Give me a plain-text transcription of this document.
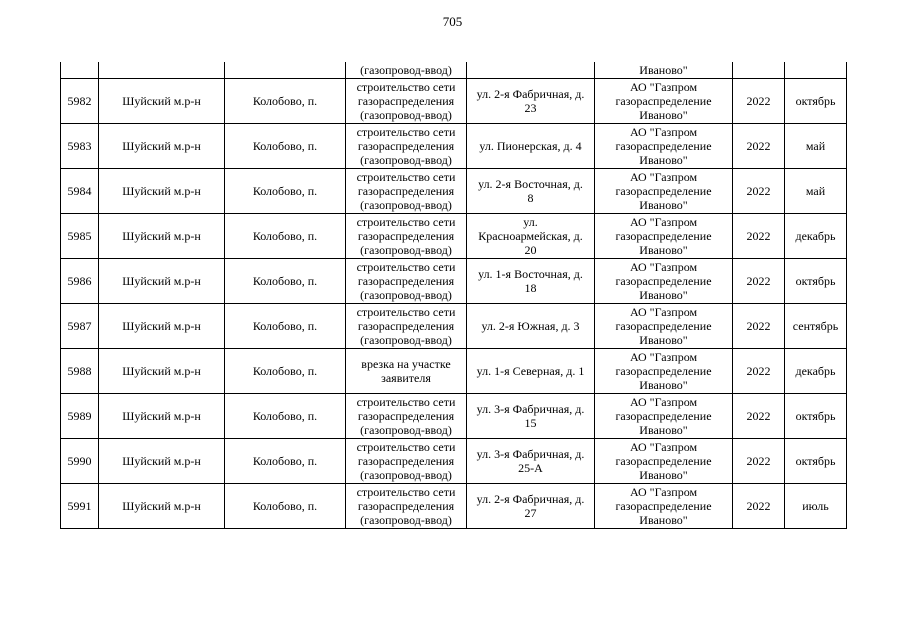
705
			(газопровод-ввод)		Иваново"		
5982	Шуйский м.р-н	Колобово, п.	строительство сети
газораспределения
(газопровод-ввод)	ул. 2-я Фабричная, д.
23	АО "Газпром
газораспределение
Иваново"	2022	октябрь
5983	Шуйский м.р-н	Колобово, п.	строительство сети
газораспределения
(газопровод-ввод)	ул. Пионерская, д. 4	АО "Газпром
газораспределение
Иваново"	2022	май
5984	Шуйский м.р-н	Колобово, п.	строительство сети
газораспределения
(газопровод-ввод)	ул. 2-я Восточная, д.
8	АО "Газпром
газораспределение
Иваново"	2022	май
5985	Шуйский м.р-н	Колобово, п.	строительство сети
газораспределения
(газопровод-ввод)	ул.
Красноармейская, д.
20	АО "Газпром
газораспределение
Иваново"	2022	декабрь
5986	Шуйский м.р-н	Колобово, п.	строительство сети
газораспределения
(газопровод-ввод)	ул. 1-я Восточная, д.
18	АО "Газпром
газораспределение
Иваново"	2022	октябрь
5987	Шуйский м.р-н	Колобово, п.	строительство сети
газораспределения
(газопровод-ввод)	ул. 2-я Южная, д. 3	АО "Газпром
газораспределение
Иваново"	2022	сентябрь
5988	Шуйский м.р-н	Колобово, п.	врезка на участке
заявителя	ул. 1-я Северная, д. 1	АО "Газпром
газораспределение
Иваново"	2022	декабрь
5989	Шуйский м.р-н	Колобово, п.	строительство сети
газораспределения
(газопровод-ввод)	ул. 3-я Фабричная, д.
15	АО "Газпром
газораспределение
Иваново"	2022	октябрь
5990	Шуйский м.р-н	Колобово, п.	строительство сети
газораспределения
(газопровод-ввод)	ул. 3-я Фабричная, д.
25-А	АО "Газпром
газораспределение
Иваново"	2022	октябрь
5991	Шуйский м.р-н	Колобово, п.	строительство сети
газораспределения
(газопровод-ввод)	ул. 2-я Фабричная, д.
27	АО "Газпром
газораспределение
Иваново"	2022	июль
